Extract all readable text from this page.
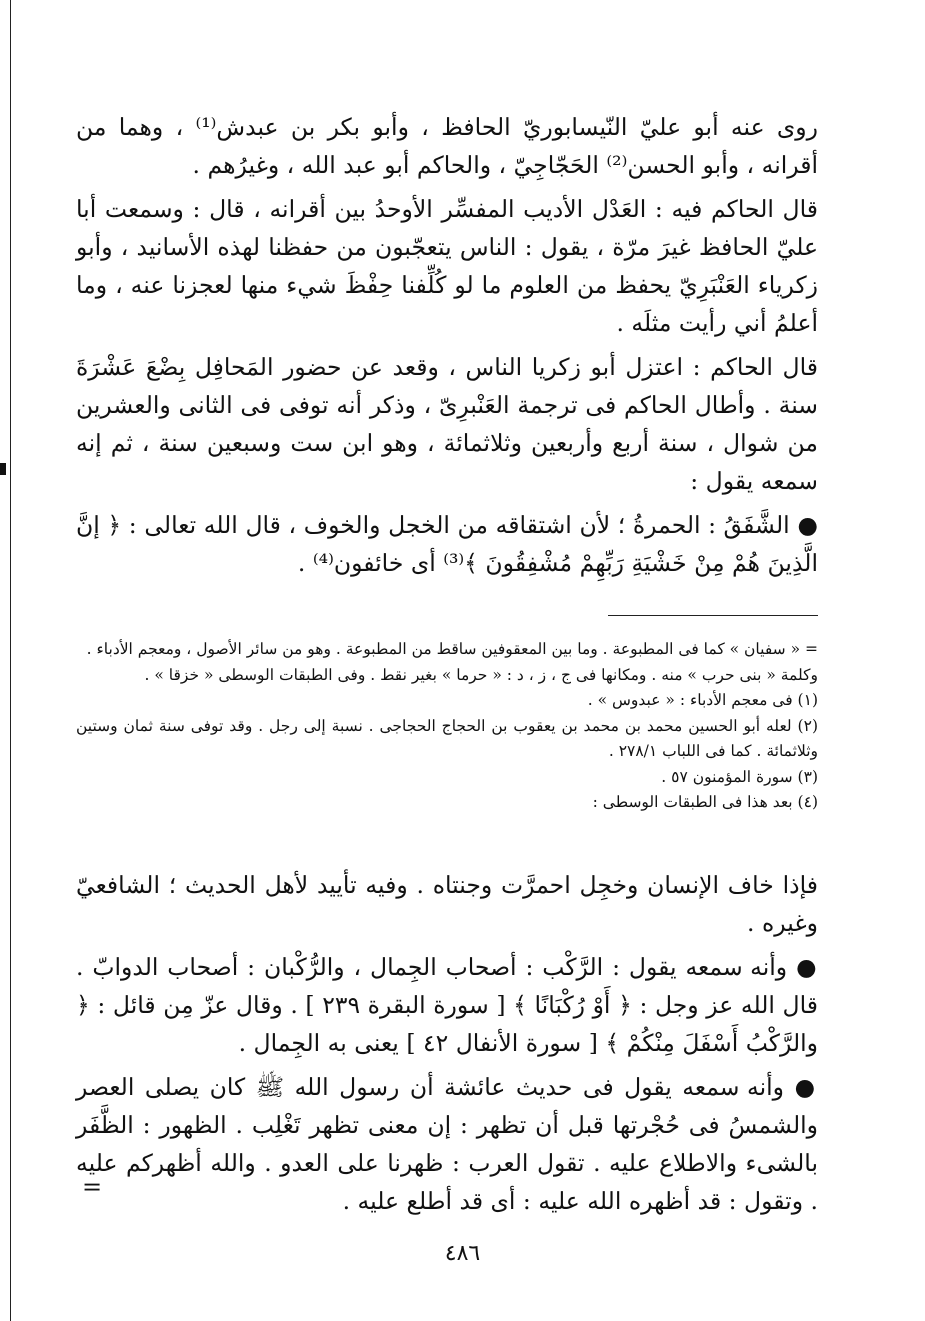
روى عنه أبو عليّ النّيسابوريّ الحافظ ، وأبو بكر بن عبدش⁽¹⁾ ، وهما من أقرانه ، وأبو الحسن⁽²⁾ الحَجّاجِيّ ، والحاكم أبو عبد الله ، وغيرُهم .

قال الحاكم فيه : العَدْل الأديب المفسِّر الأوحدُ بين أقرانه ، قال : وسمعت أبا عليّ الحافظ غيرَ مرّة ، يقول : الناس يتعجّبون من حفظنا لهذه الأسانيد ، وأبو زكرياء العَنْبَرِيّ يحفظ من العلوم ما لو كُلِّفنا حِفْظَ شيء منها لعجزنا عنه ، وما أعلمُ أني رأيت مثلَه .

قال الحاكم : اعتزل أبو زكريا الناس ، وقعد عن حضور المَحافِل بِضْعَ عَشْرَةَ سنة . وأطال الحاكم فى ترجمة العَنْبرِىّ ، وذكر أنه توفى فى الثانى والعشرين من شوال ، سنة أربع وأربعين وثلاثمائة ، وهو ابن ست وسبعين سنة ، ثم إنه سمعه يقول :

● الشَّفَقُ : الحمرةُ ؛ لأن اشتقاقه من الخجل والخوف ، قال الله تعالى : ﴿ إنَّ الَّذِينَ هُمْ مِنْ خَشْيَةِ رَبِّهِمْ مُشْفِقُونَ ﴾⁽³⁾ أى خائفون⁽⁴⁾ .

= « سفيان » كما فى المطبوعة . وما بين المعقوفين ساقط من المطبوعة . وهو من سائر الأصول ، ومعجم الأدباء .

وكلمة « بنى حرب » منه . ومكانها فى ج ، ز ، د : « حرما » بغير نقط . وفى الطبقات الوسطى « خزقا » .

(١) فى معجم الأدباء : « عبدوس » .

(٢) لعله أبو الحسين محمد بن محمد بن يعقوب بن الحجاج الحجاجى . نسبة إلى رجل . وقد توفى سنة ثمان وستين وثلاثمائة . كما فى اللباب ٢٧٨/١ .

(٣) سورة المؤمنون ٥٧ .

(٤) بعد هذا فى الطبقات الوسطى :

فإذا خاف الإنسان وخجِل احمرَّت وجنتاه . وفيه تأييد لأهل الحديث ؛ الشافعيّ وغيره .

● وأنه سمعه يقول : الرَّكْب : أصحاب الجِمال ، والرُّكْبان : أصحاب الدوابّ . قال الله عز وجل : ﴿ أَوْ رُكْبَانًا ﴾ [ سورة البقرة ٢٣٩ ] . وقال عزّ مِن قائل : ﴿ والرَّكْبُ أَسْفَلَ مِنْكُمْ ﴾ [ سورة الأنفال ٤٢ ] يعنى به الجِمال .

● وأنه سمعه يقول فى حديث عائشة أن رسول الله ﷺ كان يصلى العصر والشمسُ فى حُجْرتها قبل أن تظهر : إن معنى تظهر تَغْلِب . الظهور : الظَّفَر بالشىء والاطلاع عليه . تقول العرب : ظهرنا على العدو . والله أظهركم عليه . وتقول : قد أظهره الله عليه : أى قد أطلع عليه .

=
٤٨٦
